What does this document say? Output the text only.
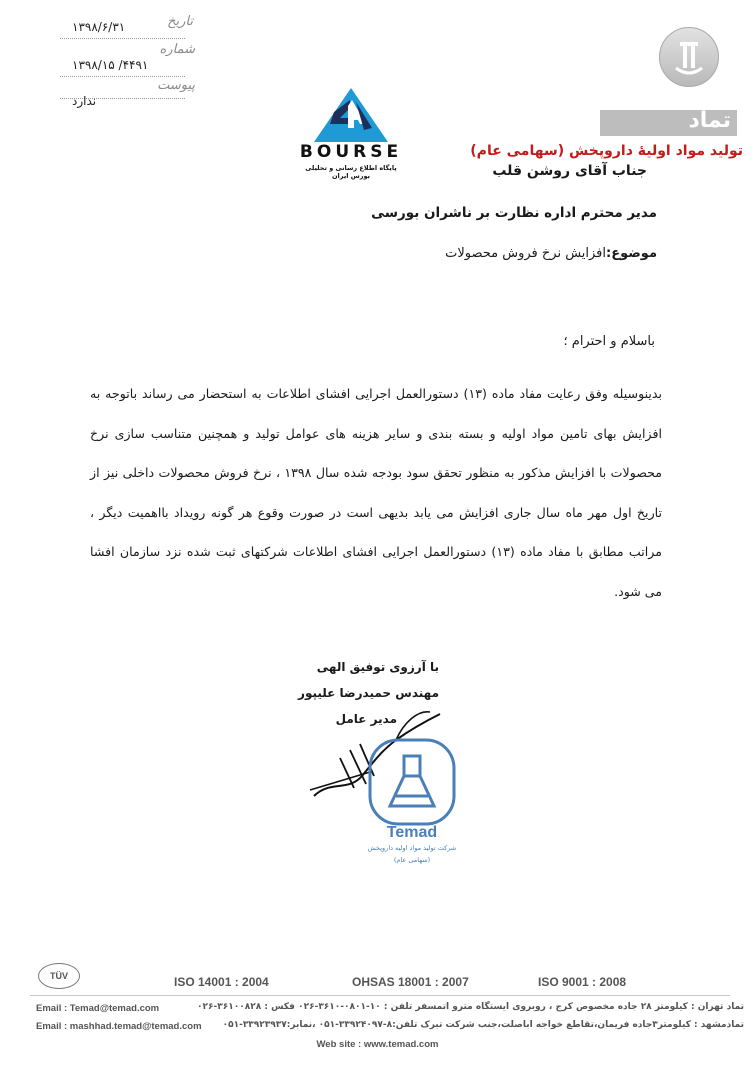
تاریخ
۱۳۹۸/۶/۳۱
شماره
۱۳۹۸/۱۵ /۴۴۹۱
پیوست
ندارد
تماد
تولید مواد اولیهٔ داروپخش (سهامی عام)
BOURSE
پایگاه اطلاع رسانی و تحلیلی بورس ایران	جناب آقای روشن قلب
مدیر محترم اداره نظارت بر ناشران بورسی
موضوع:افزایش نرخ فروش محصولات
باسلام و احترام ؛
بدینوسیله وفق رعایت مفاد ماده (۱۳) دستورالعمل اجرایی افشای اطلاعات به استحضار می رساند باتوجه به افزایش بهای تامین مواد اولیه و بسته بندی و سایر هزینه های عوامل تولید و همچنین متناسب سازی نرخ محصولات با افزایش مذکور به منظور تحقق سود بودجه شده سال ۱۳۹۸ ، نرخ فروش محصولات داخلی نیز از تاریخ اول مهر ماه سال جاری افزایش می یابد بدیهی است در صورت وقوع هر گونه رویداد بااهمیت دیگر ، مراتب مطابق با مفاد ماده (۱۳) دستورالعمل اجرایی افشای اطلاعات شرکتهای ثبت شده نزد سازمان افشا می شود.
با آرزوی توفیق الهی
مهندس حمیدرضا علیپور
مدیر عامل
Temad
شرکت تولید مواد اولیه داروپخش
(سهامی عام)
TÜV	ISO 14001 : 2004	OHSAS 18001 : 2007	ISO 9001 : 2008
Email : Temad@temad.com	تماد تهران : کیلومتر ۲۸ جاده مخصوص کرج ، روبروی ایستگاه مترو اتمسفر تلفن : ۱۰-۰۸۰۱-۳۶۱۰-۰۲۶ فکس : ۳۶۱۰۰۸۲۸-۰۲۶
Email : mashhad.temad@temad.com	تمادمشهد : کیلومتر۳جاده فریمان،تقاطع خواجه اباصلت،جنب شرکت تبرک تلفن:۸-۳۳۹۲۴۰۹۷-۰۵۱ ،نمابر:۳۳۹۲۳۹۳۷-۰۵۱
Web site : www.temad.com
